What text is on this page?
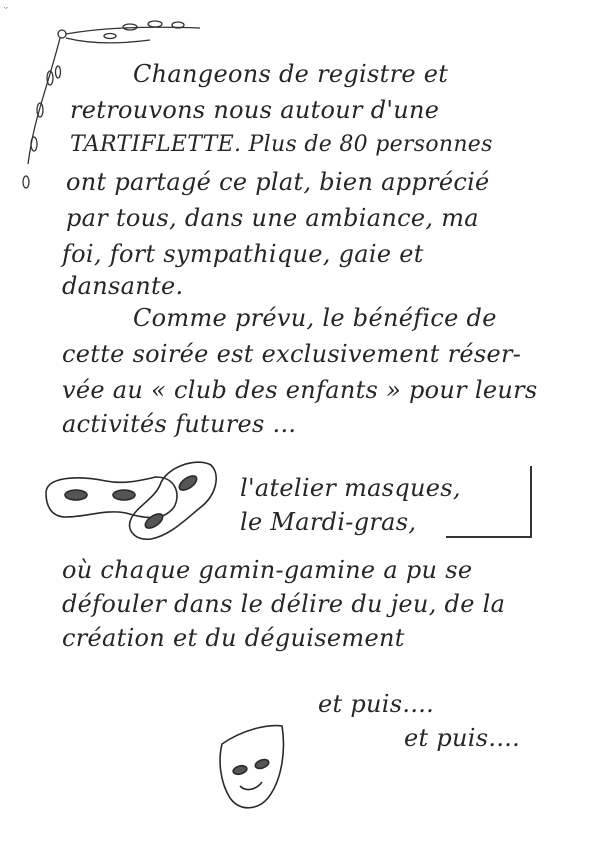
ᵕ
Changeons de registre et
retrouvons nous autour d'une
TARTIFLETTE. Plus de 80 personnes
ont partagé ce plat, bien apprécié
par tous, dans une ambiance, ma
foi, fort sympathique, gaie et
dansante.
Comme prévu, le bénéfice de
cette soirée est exclusivement réser-
vée au « club des enfants » pour leurs
activités futures ...
l'atelier masques,
le Mardi-gras,
où chaque gamin-gamine a pu se
défouler dans le délire du jeu, de la
création et du déguisement
et puis....
et puis....
